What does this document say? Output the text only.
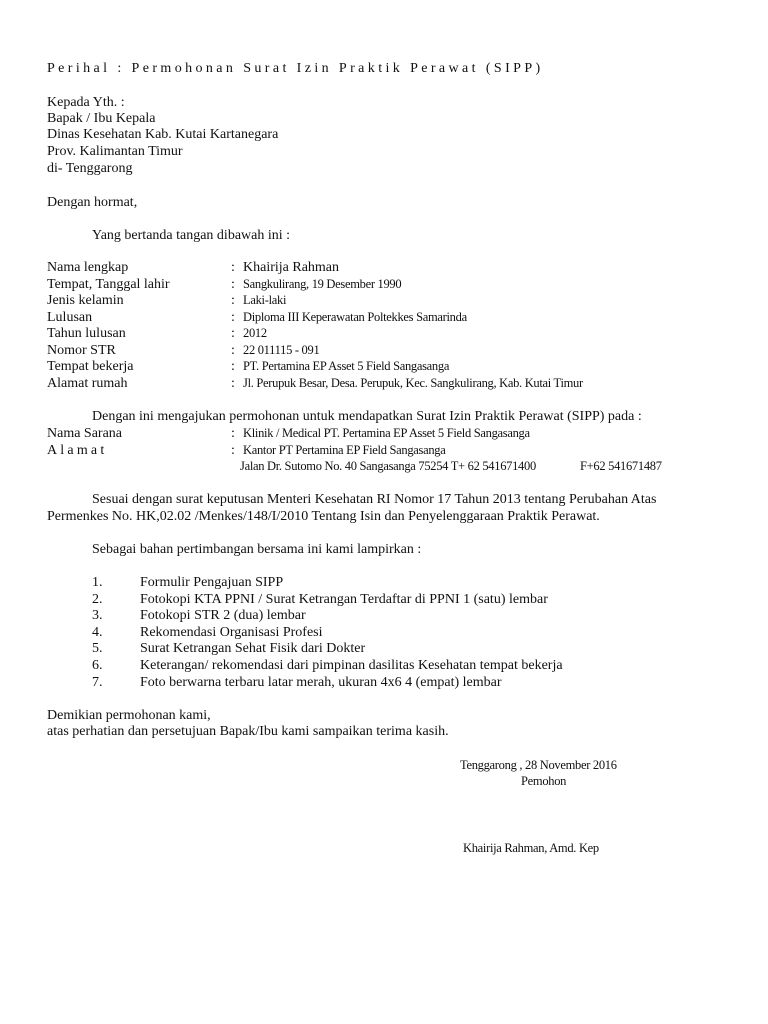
Perihal : Permohonan Surat Izin Praktik Perawat (SIPP)
Kepada Yth. :
Bapak / Ibu Kepala
Dinas Kesehatan Kab. Kutai Kartanegara
Prov. Kalimantan Timur
di- Tenggarong
Dengan hormat,
Yang bertanda tangan dibawah ini :
Nama lengkap	: Khairija Rahman
Tempat, Tanggal lahir	: Sangkulirang, 19 Desember 1990
Jenis kelamin	: Laki-laki
Lulusan	: Diploma III Keperawatan Poltekkes Samarinda
Tahun lulusan	: 2012
Nomor STR	: 22 011115 - 091
Tempat bekerja	: PT. Pertamina EP Asset 5 Field Sangasanga
Alamat rumah	: Jl. Perupuk Besar, Desa. Perupuk, Kec. Sangkulirang, Kab. Kutai Timur
Dengan ini mengajukan permohonan untuk mendapatkan Surat Izin Praktik Perawat (SIPP) pada :
Nama Sarana	: Klinik / Medical PT. Pertamina EP Asset 5 Field Sangasanga
Alamat	: Kantor PT Pertamina EP Field Sangasanga
Jalan Dr. Sutomo No. 40 Sangasanga 75254 T+ 62 541671400	F+62 541671487
Sesuai dengan surat keputusan Menteri Kesehatan RI Nomor 17 Tahun 2013 tentang Perubahan Atas
Permenkes No. HK,02.02 /Menkes/148/I/2010 Tentang Isin dan Penyelenggaraan Praktik Perawat.
Sebagai bahan pertimbangan bersama ini kami lampirkan :
1.	Formulir Pengajuan SIPP
2.	Fotokopi KTA PPNI / Surat Ketrangan Terdaftar di PPNI 1 (satu) lembar
3.	Fotokopi STR 2 (dua) lembar
4.	Rekomendasi Organisasi Profesi
5.	Surat Ketrangan Sehat Fisik dari Dokter
6.	Keterangan/ rekomendasi dari pimpinan dasilitas Kesehatan tempat bekerja
7.	Foto berwarna terbaru latar merah, ukuran 4x6 4 (empat) lembar
Demikian permohonan kami,
atas perhatian dan persetujuan Bapak/Ibu kami sampaikan terima kasih.
Tenggarong , 28 November 2016
Pemohon
Khairija Rahman, Amd. Kep
